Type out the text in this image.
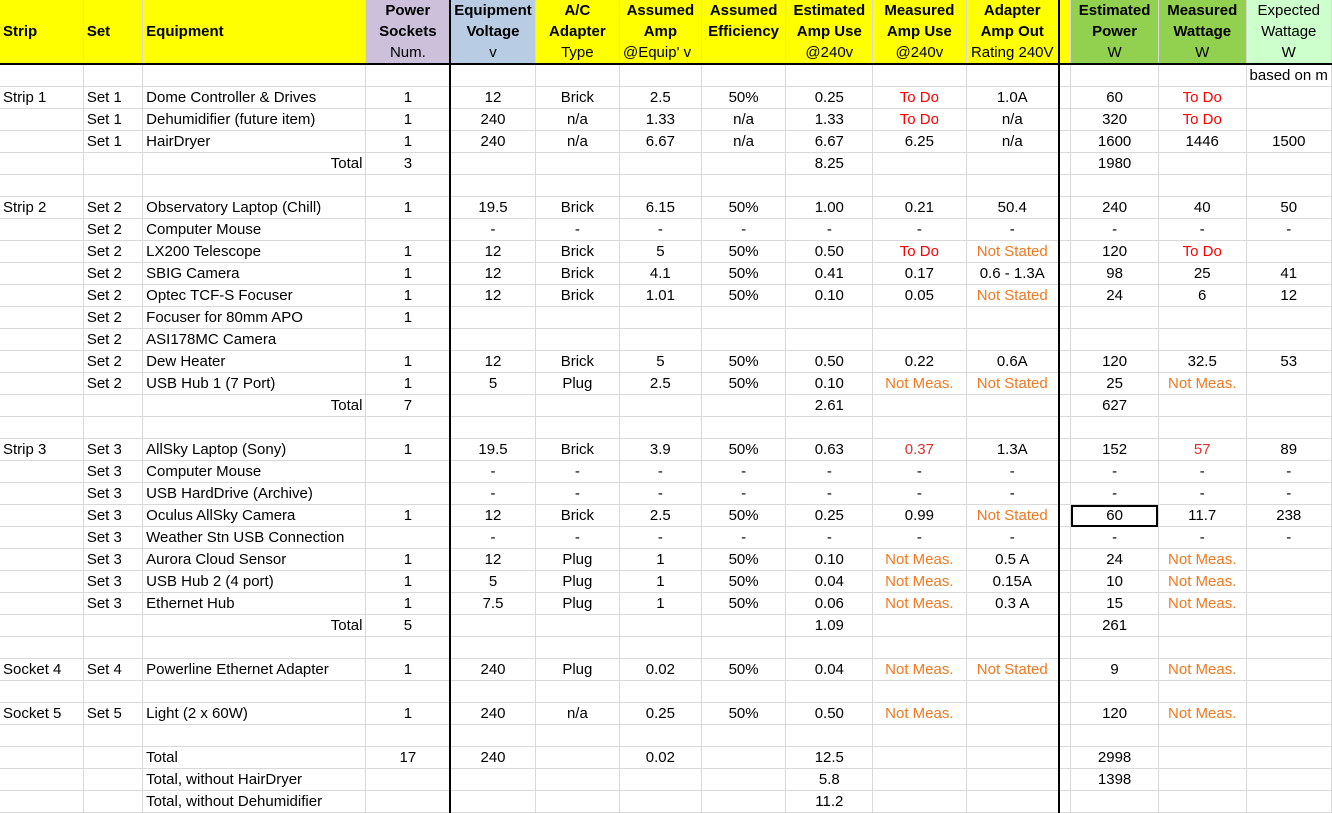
			Power	Equipment	A/C	Assumed	Assumed	Estimated	Measured	Adapter		Estimated	Measured	Expected
Strip	Set	Equipment	Sockets	Voltage	Adapter	Amp	Efficiency	Amp Use	Amp Use	Amp Out		Power	Wattage	Wattage
			Num.	v	Type	@Equip' v		@240v	@240v	Rating 240V		W	W	W
														based on m
Strip 1	Set 1	Dome Controller & Drives	1	12	Brick	2.5	50%	0.25	To Do	1.0A		60	To Do	
	Set 1	Dehumidifier (future item)	1	240	n/a	1.33	n/a	1.33	To Do	n/a		320	To Do	
	Set 1	HairDryer	1	240	n/a	6.67	n/a	6.67	6.25	n/a		1600	1446	1500
		Total	3					8.25				1980		

Strip 2	Set 2	Observatory Laptop (Chill)	1	19.5	Brick	6.15	50%	1.00	0.21	50.4		240	40	50
	Set 2	Computer Mouse		-	-	-	-	-	-	-		-	-	-
	Set 2	LX200 Telescope	1	12	Brick	5	50%	0.50	To Do	Not Stated		120	To Do	
	Set 2	SBIG Camera	1	12	Brick	4.1	50%	0.41	0.17	0.6 - 1.3A		98	25	41
	Set 2	Optec TCF-S Focuser	1	12	Brick	1.01	50%	0.10	0.05	Not Stated		24	6	12
	Set 2	Focuser for 80mm APO	1											
	Set 2	ASI178MC Camera												
	Set 2	Dew Heater	1	12	Brick	5	50%	0.50	0.22	0.6A		120	32.5	53
	Set 2	USB Hub 1 (7 Port)	1	5	Plug	2.5	50%	0.10	Not Meas.	Not Stated		25	Not Meas.	
		Total	7					2.61				627		

Strip 3	Set 3	AllSky Laptop (Sony)	1	19.5	Brick	3.9	50%	0.63	0.37	1.3A		152	57	89
	Set 3	Computer Mouse		-	-	-	-	-	-	-		-	-	-
	Set 3	USB HardDrive (Archive)		-	-	-	-	-	-	-		-	-	-
	Set 3	Oculus AllSky Camera	1	12	Brick	2.5	50%	0.25	0.99	Not Stated		60	11.7	238
	Set 3	Weather Stn USB Connection		-	-	-	-	-	-	-		-	-	-
	Set 3	Aurora Cloud Sensor	1	12	Plug	1	50%	0.10	Not Meas.	0.5 A		24	Not Meas.	
	Set 3	USB Hub 2 (4 port)	1	5	Plug	1	50%	0.04	Not Meas.	0.15A		10	Not Meas.	
	Set 3	Ethernet Hub	1	7.5	Plug	1	50%	0.06	Not Meas.	0.3 A		15	Not Meas.	
		Total	5					1.09				261		

Socket 4	Set 4	Powerline Ethernet Adapter	1	240	Plug	0.02	50%	0.04	Not Meas.	Not Stated		9	Not Meas.	

Socket 5	Set 5	Light (2 x 60W)	1	240	n/a	0.25	50%	0.50	Not Meas.			120	Not Meas.	

		Total	17	240		0.02		12.5				2998		
		Total, without HairDryer						5.8				1398		
		Total, without Dehumidifier						11.2						
